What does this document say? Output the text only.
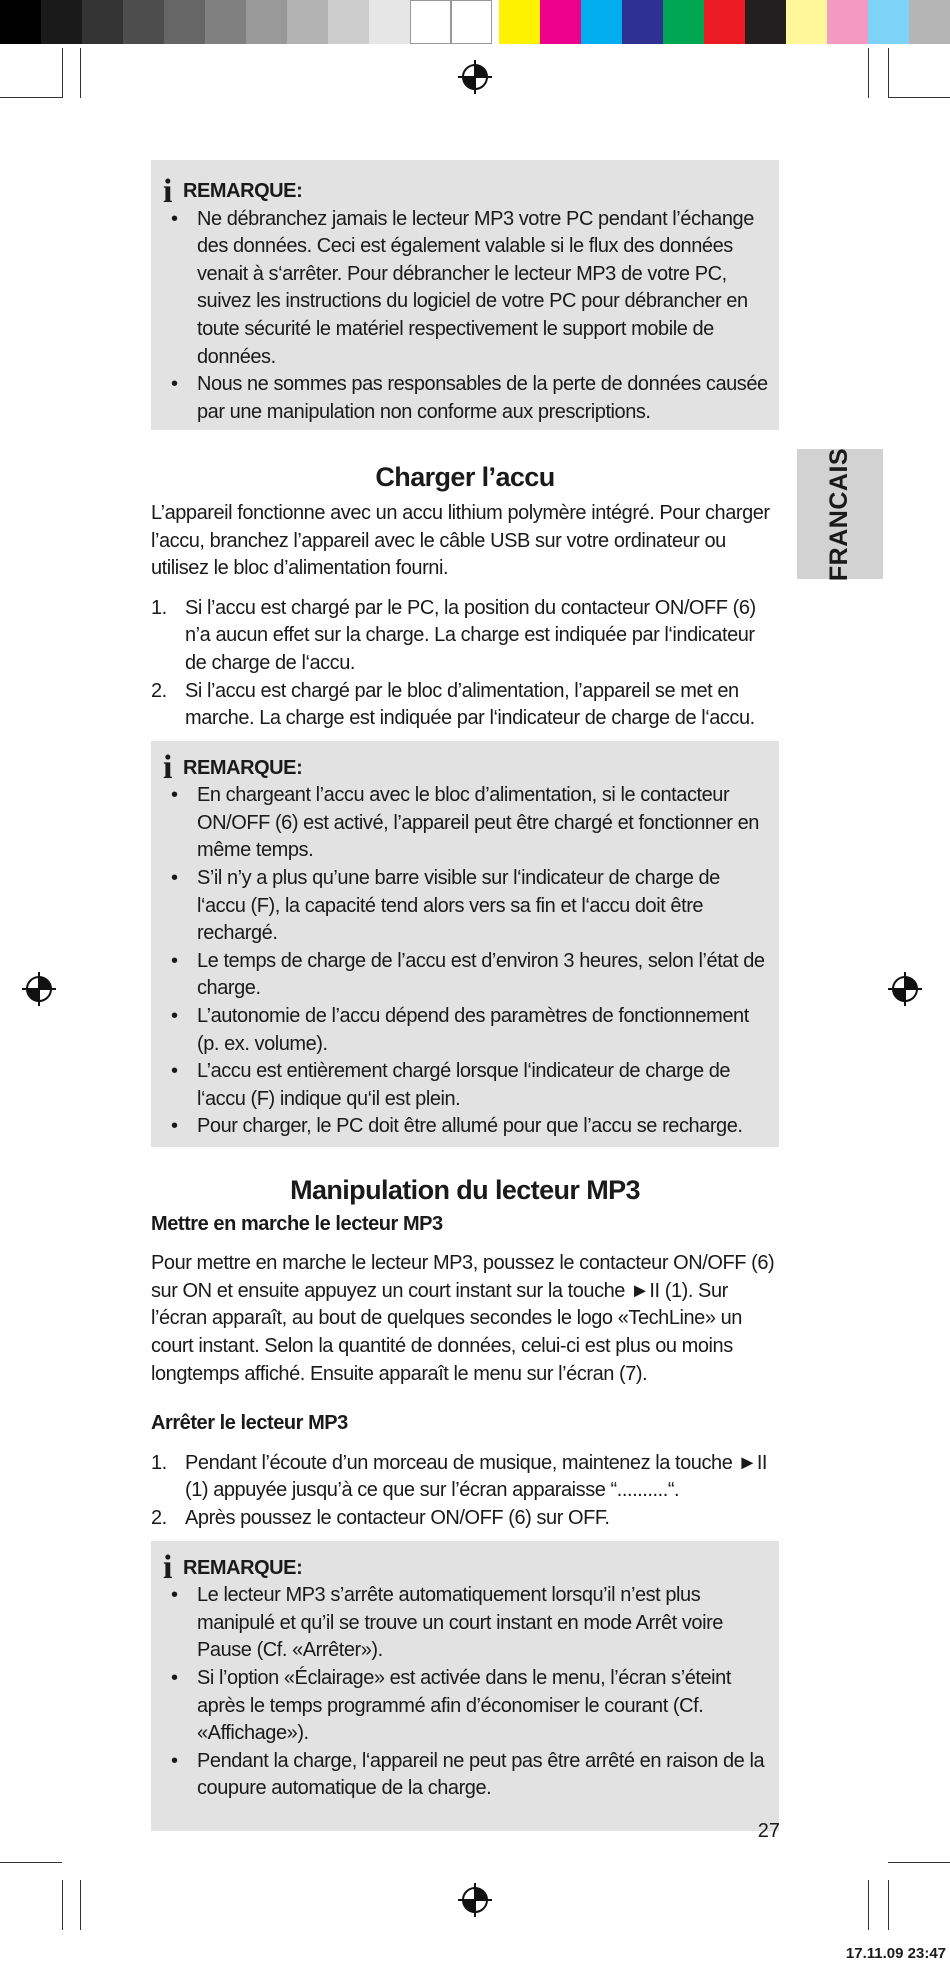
FRANCAIS
i REMARQUE:
• Ne débranchez jamais le lecteur MP3 votre PC pendant l’échange des données. Ceci est également valable si le flux des données venait à s‘arrêter. Pour débrancher le lecteur MP3 de votre PC, suivez les instructions du logiciel de votre PC pour débrancher en toute sécurité le matériel respectivement le support mobile de données.
• Nous ne sommes pas responsables de la perte de données causée par une manipulation non conforme aux prescriptions.
Charger l’accu

L’appareil fonctionne avec un accu lithium polymère intégré. Pour charger l’accu, branchez l’appareil avec le câble USB sur votre ordinateur ou utilisez le bloc d’alimentation fourni.

1. Si l’accu est chargé par le PC, la position du contacteur ON/OFF (6) n’a aucun effet sur la charge. La charge est indiquée par l‘indicateur de charge de l‘accu.
2. Si l’accu est chargé par le bloc d’alimentation, l’appareil se met en marche. La charge est indiquée par l‘indicateur de charge de l‘accu.
i REMARQUE:
• En chargeant l’accu avec le bloc d’alimentation, si le contacteur ON/OFF (6) est activé, l’appareil peut être chargé et fonctionner en même temps.
• S’il n’y a plus qu’une barre visible sur l‘indicateur de charge de l‘accu (F), la capacité tend alors vers sa fin et l‘accu doit être rechargé.
• Le temps de charge de l’accu est d’environ 3 heures, selon l’état de charge.
• L’autonomie de l’accu dépend des paramètres de fonctionnement (p. ex. volume).
• L’accu est entièrement chargé lorsque l‘indicateur de charge de l‘accu (F) indique qu‘il est plein.
• Pour charger, le PC doit être allumé pour que l’accu se recharge.
Manipulation du lecteur MP3
Mettre en marche le lecteur MP3

Pour mettre en marche le lecteur MP3, poussez le contacteur ON/OFF (6) sur ON et ensuite appuyez un court instant sur la touche ►II (1). Sur l’écran apparaît, au bout de quelques secondes le logo «TechLine» un court instant. Selon la quantité de données, celui-ci est plus ou moins longtemps affiché. Ensuite apparaît le menu sur l’écran (7).

Arrêter le lecteur MP3
1. Pendant l’écoute d’un morceau de musique, maintenez la touche ►II (1) appuyée jusqu’à ce que sur l’écran apparaisse “..........“.
2. Après poussez le contacteur ON/OFF (6) sur OFF.
i REMARQUE:
• Le lecteur MP3 s’arrête automatiquement lorsqu’il n’est plus manipulé et qu’il se trouve un court instant en mode Arrêt voire Pause (Cf. «Arrêter»).
• Si l’option «Éclairage» est activée dans le menu, l’écran s’éteint après le temps programmé afin d’économiser le courant (Cf. «Affichage»).
• Pendant la charge, l‘appareil ne peut pas être arrêté en raison de la coupure automatique de la charge.
27
17.11.09 23:47
